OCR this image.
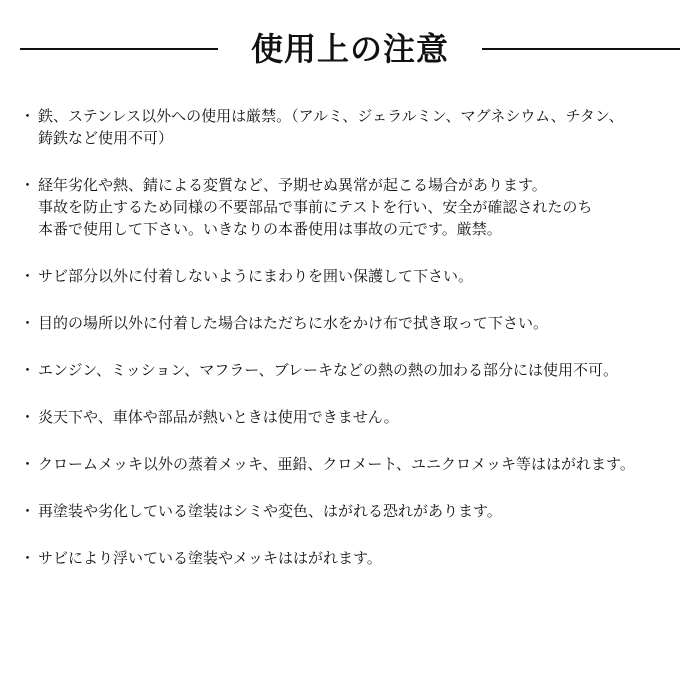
使用上の注意
・ 鉄、ステンレス以外への使用は厳禁。（アルミ、ジェラルミン、マグネシウム、チタン、
鋳鉄など使用不可）
・ 経年劣化や熱、錆による変質など、予期せぬ異常が起こる場合があります。
事故を防止するため同様の不要部品で事前にテストを行い、安全が確認されたのち
本番で使用して下さい。いきなりの本番使用は事故の元です。厳禁。
・ サビ部分以外に付着しないようにまわりを囲い保護して下さい。
・ 目的の場所以外に付着した場合はただちに水をかけ布で拭き取って下さい。
・ エンジン、ミッション、マフラー、ブレーキなどの熱の熱の加わる部分には使用不可。
・ 炎天下や、車体や部品が熱いときは使用できません。
・ クロームメッキ以外の蒸着メッキ、亜鉛、クロメート、ユニクロメッキ等ははがれます。
・ 再塗装や劣化している塗装はシミや変色、はがれる恐れがあります。
・ サビにより浮いている塗装やメッキははがれます。
